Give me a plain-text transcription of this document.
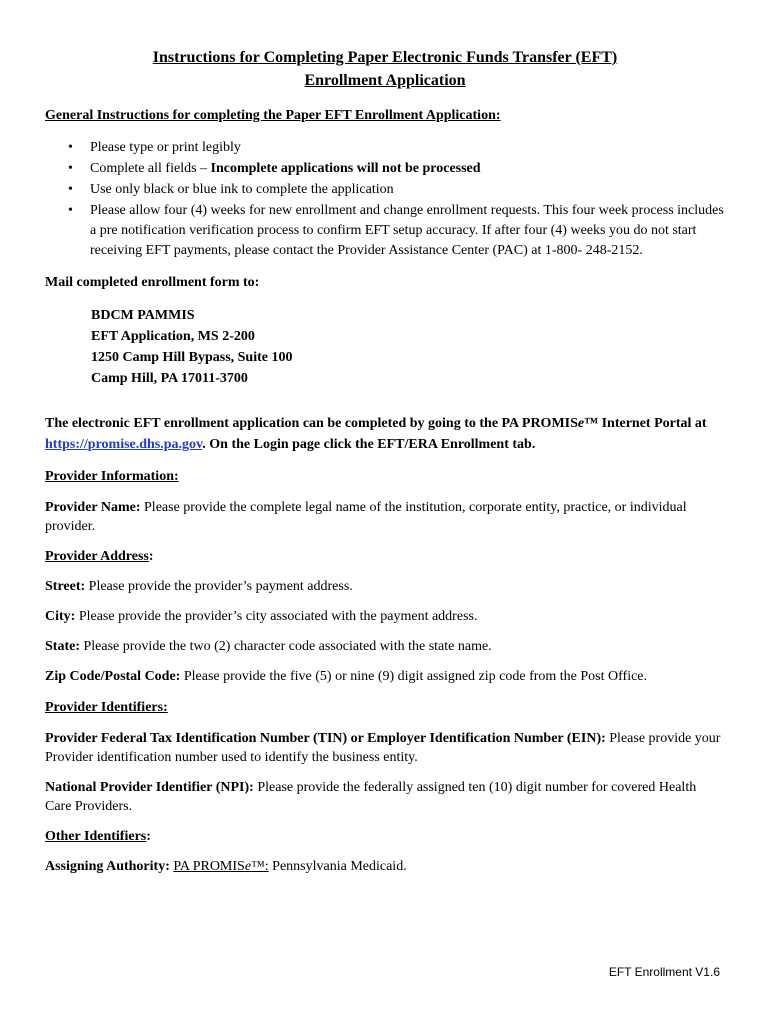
Instructions for Completing Paper Electronic Funds Transfer (EFT)
Enrollment Application
General Instructions for completing the Paper EFT Enrollment Application:
• Please type or print legibly
• Complete all fields – Incomplete applications will not be processed
• Use only black or blue ink to complete the application
• Please allow four (4) weeks for new enrollment and change enrollment requests. This four week process includes a pre notification verification process to confirm EFT setup accuracy. If after four (4) weeks you do not start receiving EFT payments, please contact the Provider Assistance Center (PAC) at 1-800- 248-2152.
Mail completed enrollment form to:
BDCM PAMMIS
EFT Application, MS 2-200
1250 Camp Hill Bypass, Suite 100
Camp Hill, PA 17011-3700
The electronic EFT enrollment application can be completed by going to the PA PROMISe™ Internet Portal at https://promise.dhs.pa.gov. On the Login page click the EFT/ERA Enrollment tab.
Provider Information:
Provider Name: Please provide the complete legal name of the institution, corporate entity, practice, or individual provider.
Provider Address:
Street: Please provide the provider’s payment address.
City: Please provide the provider’s city associated with the payment address.
State: Please provide the two (2) character code associated with the state name.
Zip Code/Postal Code: Please provide the five (5) or nine (9) digit assigned zip code from the Post Office.
Provider Identifiers:
Provider Federal Tax Identification Number (TIN) or Employer Identification Number (EIN): Please provide your Provider identification number used to identify the business entity.
National Provider Identifier (NPI): Please provide the federally assigned ten (10) digit number for covered Health Care Providers.
Other Identifiers:
Assigning Authority: PA PROMISe™: Pennsylvania Medicaid.
EFT Enrollment V1.6
